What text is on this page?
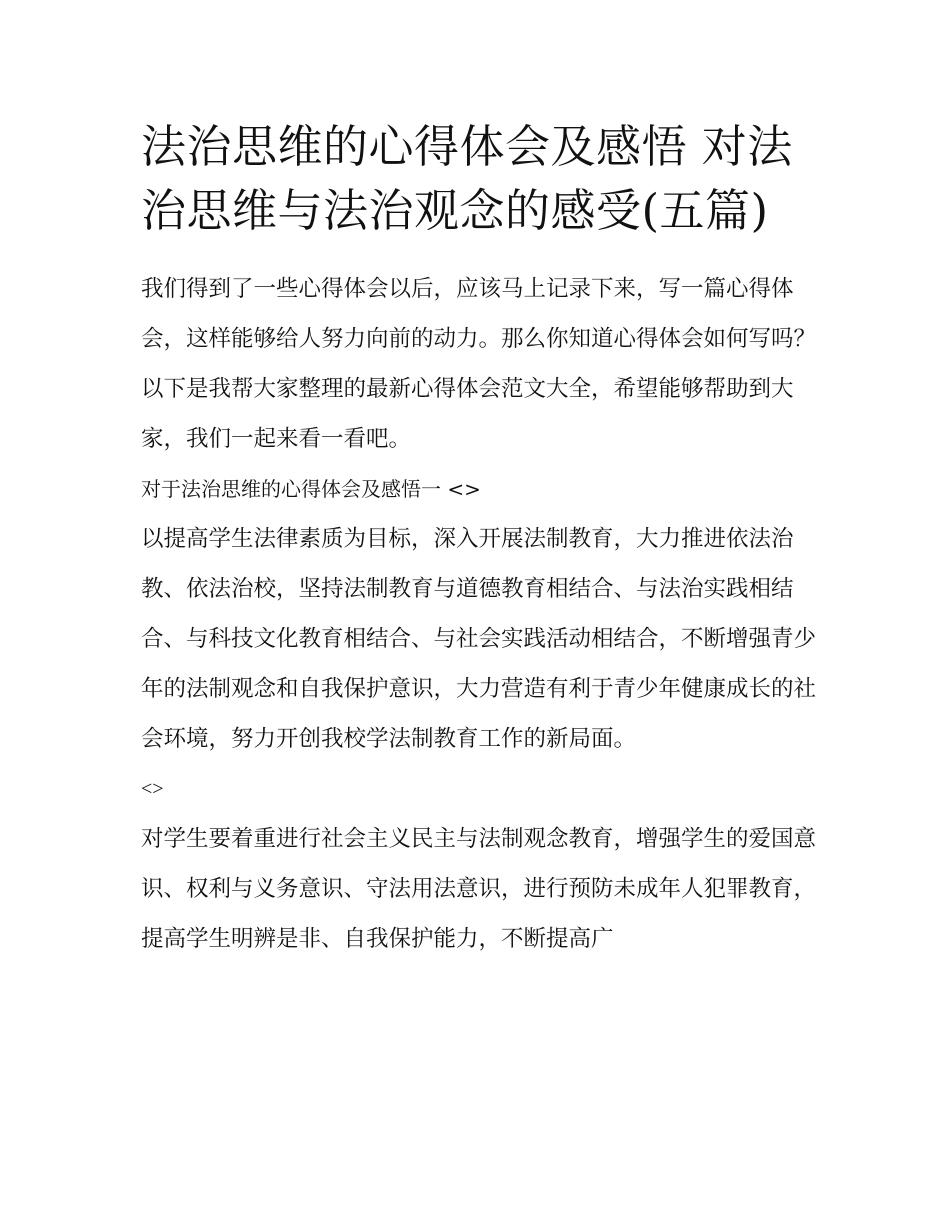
法治思维的心得体会及感悟 对法治思维与法治观念的感受(五篇)

我们得到了一些心得体会以后，应该马上记录下来，写一篇心得体会，这样能够给人努力向前的动力。那么你知道心得体会如何写吗？以下是我帮大家整理的最新心得体会范文大全，希望能够帮助到大家，我们一起来看一看吧。

对于法治思维的心得体会及感悟一 <>

以提高学生法律素质为目标，深入开展法制教育，大力推进依法治教、依法治校，坚持法制教育与道德教育相结合、与法治实践相结合、与科技文化教育相结合、与社会实践活动相结合，不断增强青少年的法制观念和自我保护意识，大力营造有利于青少年健康成长的社会环境，努力开创我校学法制教育工作的新局面。

<>

对学生要着重进行社会主义民主与法制观念教育，增强学生的爱国意识、权利与义务意识、守法用法意识，进行预防未成年人犯罪教育，提高学生明辨是非、自我保护能力，不断提高广
